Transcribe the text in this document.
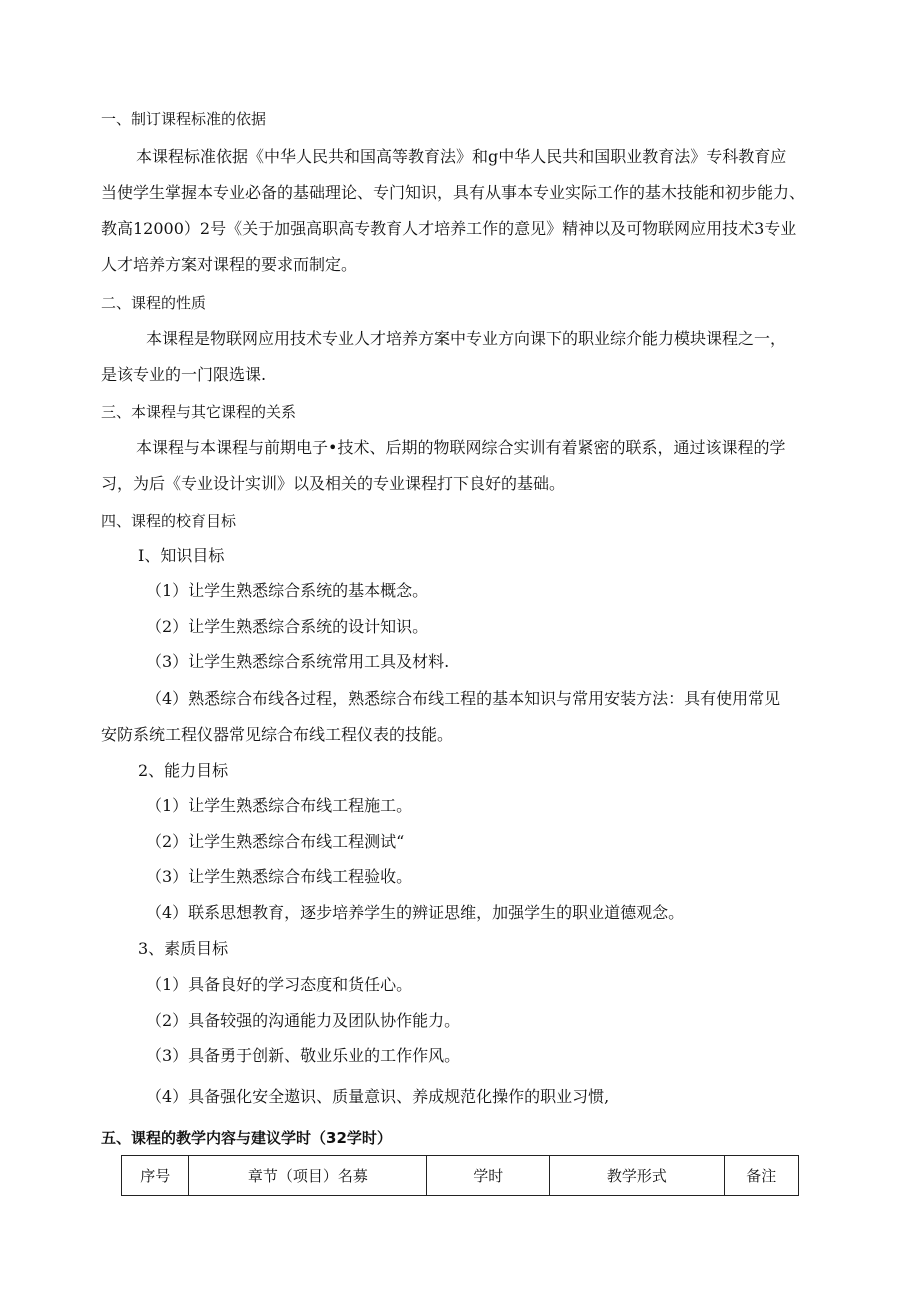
一、制订课程标准的依据
本课程标准依据《中华人民共和国高等教育法》和g中华人民共和国职业教育法》专科教育应
当使学生掌握本专业必备的基础理论、专门知识，具有从事本专业实际工作的基木技能和初步能力、
教高12000）2号《关于加强高职高专教育人才培养工作的意见》精神以及可物联网应用技术3专业
人才培养方案对课程的要求而制定。
二、课程的性质
本课程是物联网应用技术专业人才培养方案中专业方向课下的职业综介能力模块课程之一，
是该专业的一门限选课.
三、本课程与其它课程的关系
本课程与本课程与前期电子•技术、后期的物联网综合实训有着紧密的联系，通过该课程的学
习，为后《专业设计实训》以及相关的专业课程打下良好的基础。
四、课程的校育目标
I、知识目标
（1）让学生熟悉综合系统的基本概念。
（2）让学生熟悉综合系统的设计知识。
（3）让学生熟悉综合系统常用工具及材料.
（4）熟悉综合布线各过程，熟悉综合布线工程的基本知识与常用安装方法：具有使用常见
安防系统工程仪器常见综合布线工程仪表的技能。
2、能力目标
（1）让学生熟悉综合布线工程施工。
（2）让学生熟悉综合布线工程测试“
（3）让学生熟悉综合布线工程验收。
（4）联系思想教育，逐步培养学生的辨证思维，加强学生的职业道德观念。
3、素质目标
（1）具备良好的学习态度和货任心。
（2）具备较强的沟通能力及团队协作能力。
（3）具备勇于创新、敬业乐业的工作作风。
（4）具备强化安全遨识、质量意识、养成规范化操作的职业习惯,
五、课程的教学内容与建议学时（32学时）
序号	章节（项目）名募	学时	教学形式	备注
